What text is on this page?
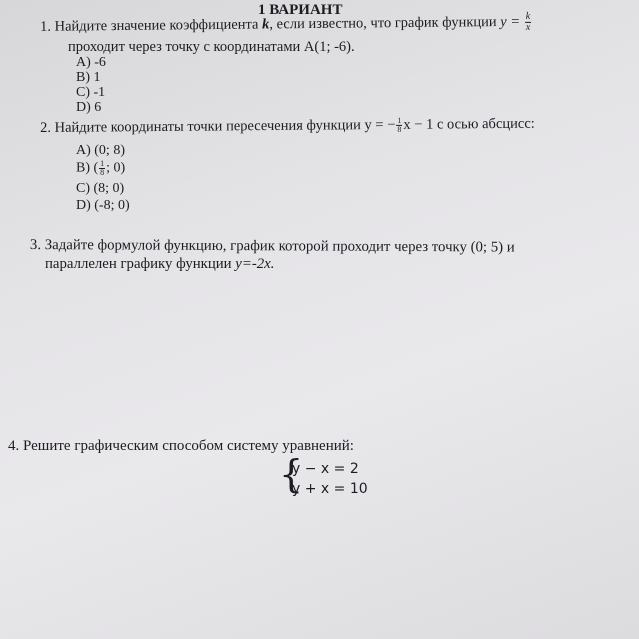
1 ВАРИАНТ
1. Найдите значение коэффициента k, если известно, что график функции $y = \frac{k}{x}$
проходит через точку с координатами A(1; -6).
A) -6
B) 1
C) -1
D) 6
2. Найдите координаты точки пересечения функции y = − $\frac{1}{8}$ x − 1 с осью абсцисс:
A) (0; 8)
B) ( $\frac{1}{8}$ ; 0)
C) (8; 0)
D) (-8; 0)
3. Задайте формулой функцию, график которой проходит через точку (0; 5) и
параллелен графику функции y=-2x.
4. Решите графическим способом систему уравнений:
{
y − x = 2
y + x = 10
